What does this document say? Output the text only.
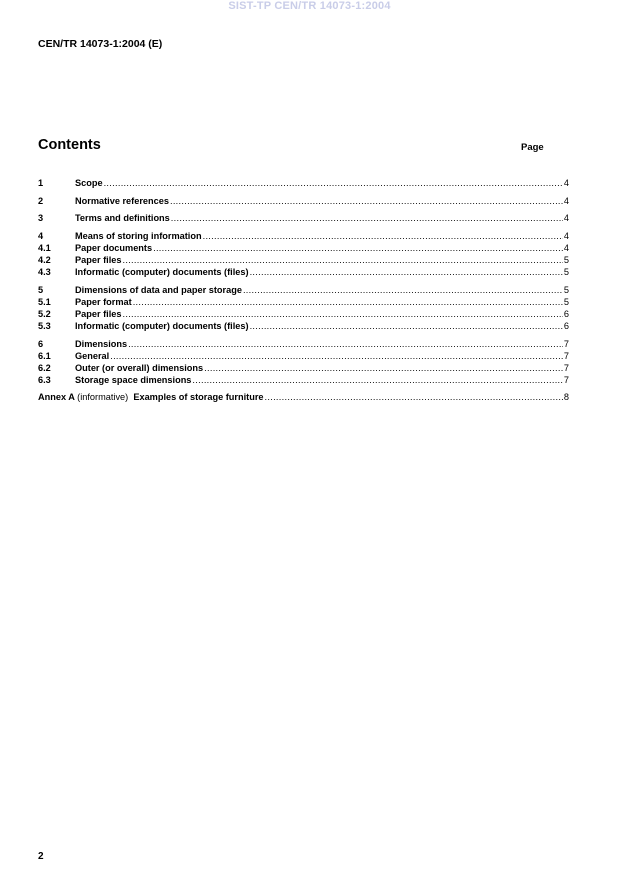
SIST-TP CEN/TR 14073-1:2004
CEN/TR 14073-1:2004 (E)
Contents	Page
1	Scope .....	4
2	Normative references .....	4
3	Terms and definitions .....	4
4	Means of storing information .....	4
4.1	Paper documents .....	4
4.2	Paper files .....	5
4.3	Informatic (computer) documents (files) .....	5
5	Dimensions of data and paper storage .....	5
5.1	Paper format .....	5
5.2	Paper files .....	6
5.3	Informatic (computer) documents (files) .....	6
6	Dimensions .....	7
6.1	General .....	7
6.2	Outer (or overall) dimensions .....	7
6.3	Storage space dimensions .....	7
Annex A (informative) Examples of storage furniture .....	8
2
